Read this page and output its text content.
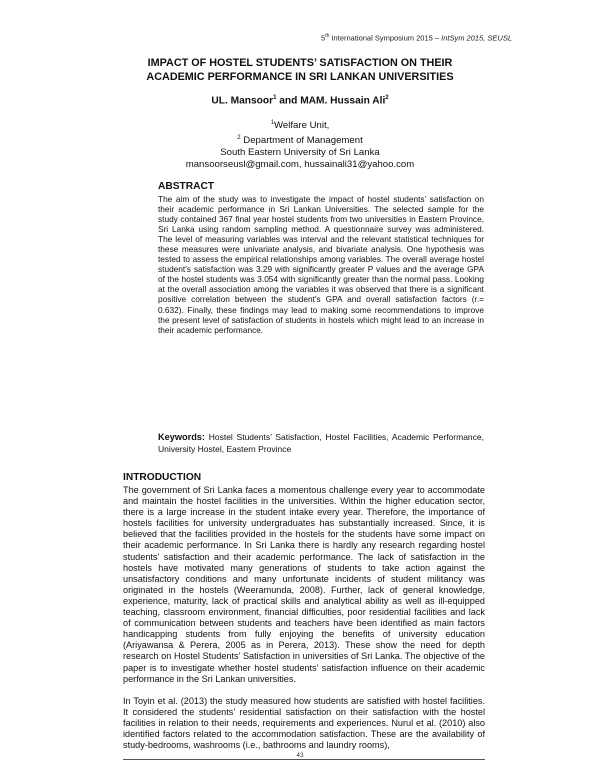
5th International Symposium 2015 – IntSym 2015, SEUSL
IMPACT OF HOSTEL STUDENTS’ SATISFACTION ON THEIR
ACADEMIC PERFORMANCE IN SRI LANKAN UNIVERSITIES
UL. Mansoor$^1$ and MAM. Hussain Ali$^2$
$^1$Welfare Unit,
$^2$ Department of Management
South Eastern University of Sri Lanka
mansoorseusl@gmail.com, hussainali31@yahoo.com
ABSTRACT
The aim of the study was to investigate the impact of hostel students’ satisfaction on their academic performance in Sri Lankan Universities. The selected sample for the study contained 367 final year hostel students from two universities in Eastern Province, Sri Lanka using random sampling method. A questionnaire survey was administered. The level of measuring variables was interval and the relevant statistical techniques for these measures were univariate analysis, and bivariate analysis. One hypothesis was tested to assess the empirical relationships among variables. The overall average hostel student's satisfaction was 3.29 with significantly greater P values and the average GPA of the hostel students was 3.054 with significantly greater than the normal pass. Looking at the overall association among the variables it was observed that there is a significant positive correlation between the student's GPA and overall satisfaction factors (r.= 0.632). Finally, these findings may lead to making some recommendations to improve the present level of satisfaction of students in hostels which might lead to an increase in their academic performance.
Keywords: Hostel Students’ Satisfaction, Hostel Facilities, Academic Performance, University Hostel, Eastern Province
INTRODUCTION

The government of Sri Lanka faces a momentous challenge every year to accommodate and maintain the hostel facilities in the universities. Within the higher education sector, there is a large increase in the student intake every year. Therefore, the importance of hostels facilities for university undergraduates has substantially increased. Since, it is believed that the facilities provided in the hostels for the students have some impact on their academic performance. In Sri Lanka there is hardly any research regarding hostel students' satisfaction and their academic performance. The lack of satisfaction in the hostels have motivated many generations of students to take action against the unsatisfactory conditions and many unfortunate incidents of student militancy was originated in the hostels (Weeramunda, 2008). Further, lack of general knowledge, experience, maturity, lack of practical skills and analytical ability as well as ill-equipped teaching, classroom environment, financial difficulties, poor residential facilities and lack of communication between students and teachers have been identified as main factors handicapping students from fully enjoying the benefits of university education (Ariyawansa & Perera, 2005 as in Perera, 2013). These show the need for depth research on Hostel Students’ Satisfaction in universities of Sri Lanka. The objective of the paper is to investigate whether hostel students’ satisfaction influence on their academic performance in the Sri Lankan universities.

In Toyin et al. (2013) the study measured how students are satisfied with hostel facilities. It considered the students’ residential satisfaction on their satisfaction with the hostel facilities in relation to their needs, requirements and experiences. Nurul et al. (2010) also identified factors related to the accommodation satisfaction. These are the availability of study-bedrooms, washrooms (i.e., bathrooms and laundry rooms),

43
